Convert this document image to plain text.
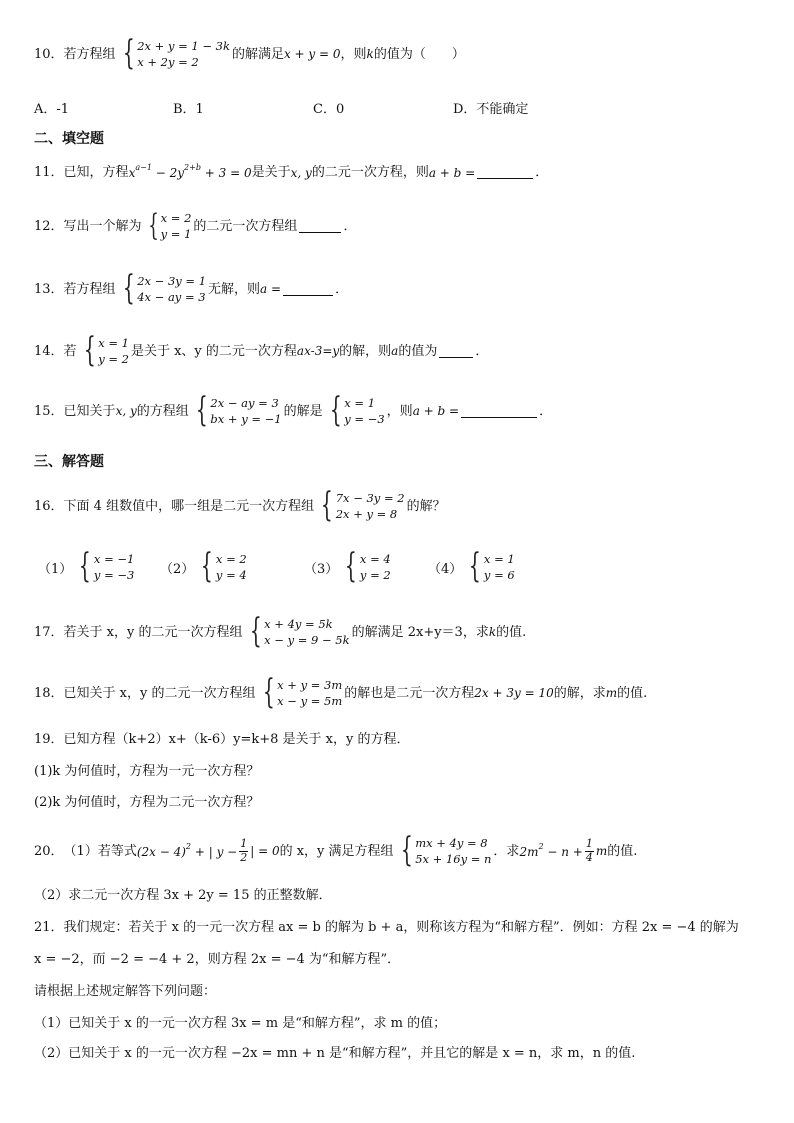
10． 若方程组 { 2x + y = 1 − 3k
x + 2y = 2
的解满足 x + y = 0 ，则 k 的值为（　　）
A．-1	B．1	C．0	D．不能确定
二、填空题
11． 已知，方程 $x^{a-1} - 2y^{2+b} + 3 = 0$ 是关于 x, y 的二元一次方程，则 a + b =	．
12． 写出一个解为 { x = 2
y = 1
的二元一次方程组	．
13． 若方程组 { 2x − 3y = 1
4x − ay = 3
无解，则 a =	．
14． 若 { x = 1
y = 2
是关于 x、y 的二元一次方程 ax-3=y 的解，则 a 的值为	．
15． 已知关于 x, y 的方程组 { 2x − ay = 3
bx + y = −1
的解是 { x = 1
y = −3
，则 a + b =	．
三、解答题
16． 下面 4 组数值中，哪一组是二元一次方程组 { 7x − 3y = 2
2x + y = 8
的解？
（1） { x = −1
y = −3 （2） { x = 2
y = 4	（3） { x = 4
y = 2	（4） { x = 1
y = 6
17． 若关于 x，y 的二元一次方程组 { x + 4y = 5k
x − y = 9 − 5k
的解满足 2x+y＝3，求 k 的值.
18． 已知关于 x，y 的二元一次方程组 { x + y = 3m
x − y = 5m
的解也是二元一次方程 2x + 3y = 10 的解，求 m 的值.
19． 已知方程（k+2）x+（k-6）y=k+8 是关于 x，y 的方程．
(1)k 为何值时，方程为一元一次方程？
(2)k 为何值时，方程为二元一次方程？
20． （1）若等式 $(2x - 4)^2$ + | $y - \frac{1}{2}$ | = 0 的 x，y 满足方程组 { mx + 4y = 8
5x + 16y = n
．求 $2m^2 - n + \frac{1}{4}$ m 的值.
（2）求二元一次方程 3x + 2y = 15 的正整数解．
21． 我们规定：若关于 x 的一元一次方程 ax = b 的解为 b + a，则称该方程为“和解方程”．例如：方程 2x = −4 的解为
x = −2，而 −2 = −4 + 2，则方程 2x = −4 为“和解方程”．
请根据上述规定解答下列问题：
（1）已知关于 x 的一元一次方程 3x = m 是“和解方程”，求 m 的值；
（2）已知关于 x 的一元一次方程 −2x = mn + n 是“和解方程”，并且它的解是 x = n，求 m，n 的值.
